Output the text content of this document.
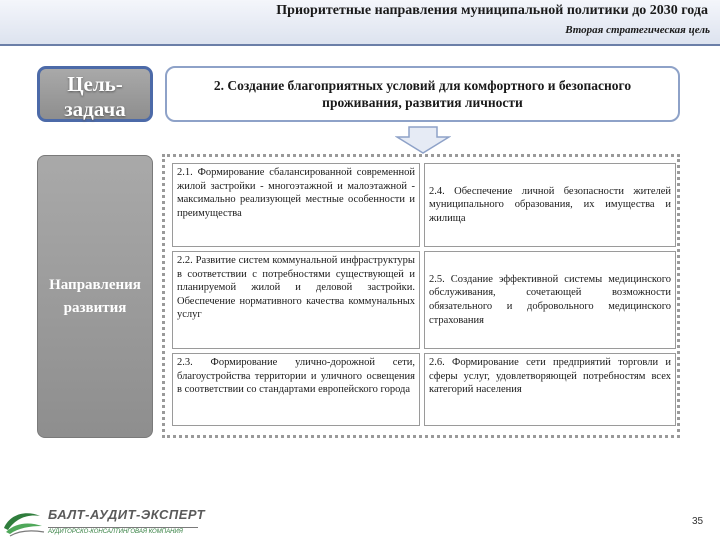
Приоритетные направления муниципальной политики до 2030 года
Вторая стратегическая цель
Цель-задача
2. Создание благоприятных условий для комфортного и безопасного проживания, развития личности
Направления развития
2.1. Формирование сбалансированной современной жилой застройки - многоэтажной и малоэтажной - максимально реализующей местные особенности и преимущества
2.4. Обеспечение личной безопасности жителей муниципального образования, их имущества и жилища
2.2. Развитие систем коммунальной инфраструктуры в соответствии с потребностями существующей и планируемой жилой и деловой застройки. Обеспечение нормативного качества коммунальных услуг
2.5. Создание эффективной системы медицинского обслуживания, сочетающей возможности обязательного и добровольного медицинского страхования
2.3. Формирование улично-дорожной сети, благоустройства территории и уличного освещения в соответствии со стандартами европейского города
2.6. Формирование сети предприятий торговли и сферы услуг, удовлетворяющей потребностям всех категорий населения
БАЛТ-АУДИТ-ЭКСПЕРТ
АУДИТОРСКО-КОНСАЛТИНГОВАЯ КОМПАНИЯ
35
